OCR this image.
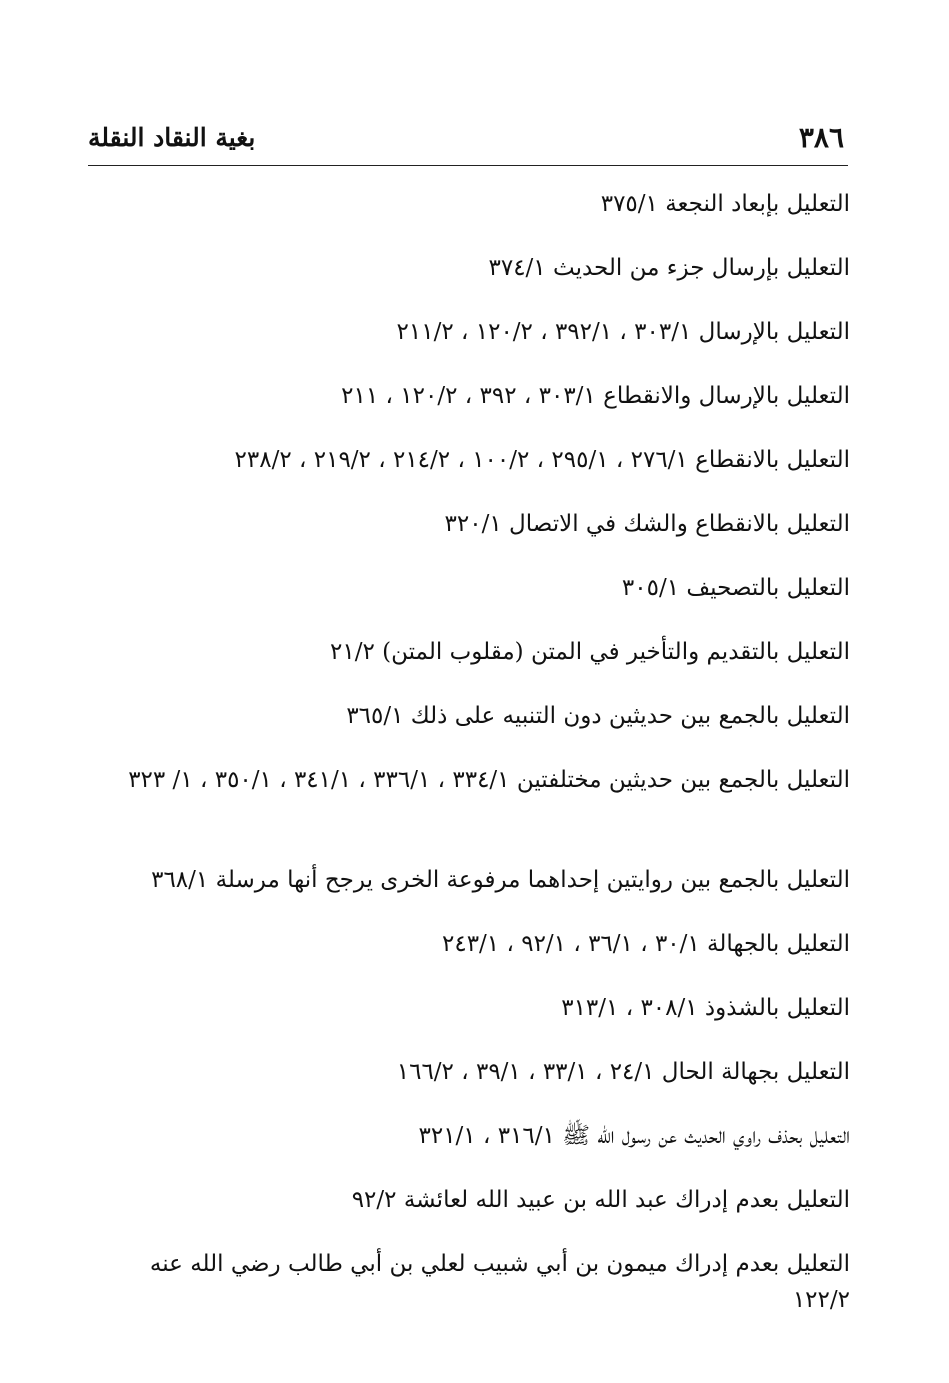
٣٨٦
بغية النقاد النقلة
التعليل بإبعاد النجعة ٣٧٥/١
التعليل بإرسال جزء من الحديث ٣٧٤/١
التعليل بالإرسال ٣٠٣/١ ، ٣٩٢/١ ، ١٢٠/٢ ، ٢١١/٢
التعليل بالإرسال والانقطاع ٣٠٣/١ ، ٣٩٢ ، ١٢٠/٢ ، ٢١١
التعليل بالانقطاع ٢٧٦/١ ، ٢٩٥/١ ، ١٠٠/٢ ، ٢١٤/٢ ، ٢١٩/٢ ، ٢٣٨/٢
التعليل بالانقطاع والشك في الاتصال ٣٢٠/١
التعليل بالتصحيف ٣٠٥/١
التعليل بالتقديم والتأخير في المتن (مقلوب المتن) ٢١/٢
التعليل بالجمع بين حديثين دون التنبيه على ذلك ٣٦٥/١
التعليل بالجمع بين حديثين مختلفتين ٣٣٤/١ ، ٣٣٦/١ ، ٣٤١/١ ، ٣٥٠/١ ، ١/ ٣٢٣
التعليل بالجمع بين روايتين إحداهما مرفوعة الخرى يرجح أنها مرسلة ٣٦٨/١
التعليل بالجهالة ٣٠/١ ، ٣٦/١ ، ٩٢/١ ، ٢٤٣/١
التعليل بالشذوذ ٣٠٨/١ ، ٣١٣/١
التعليل بجهالة الحال ٢٤/١ ، ٣٣/١ ، ٣٩/١ ، ١٦٦/٢
التعليل بحذف راوي الحديث عن رسول الله ﷺ ٣١٦/١ ، ٣٢١/١
التعليل بعدم إدراك عبد الله بن عبيد الله لعائشة ٩٢/٢
التعليل بعدم إدراك ميمون بن أبي شبيب لعلي بن أبي طالب رضي الله عنه ١٢٢/٢
